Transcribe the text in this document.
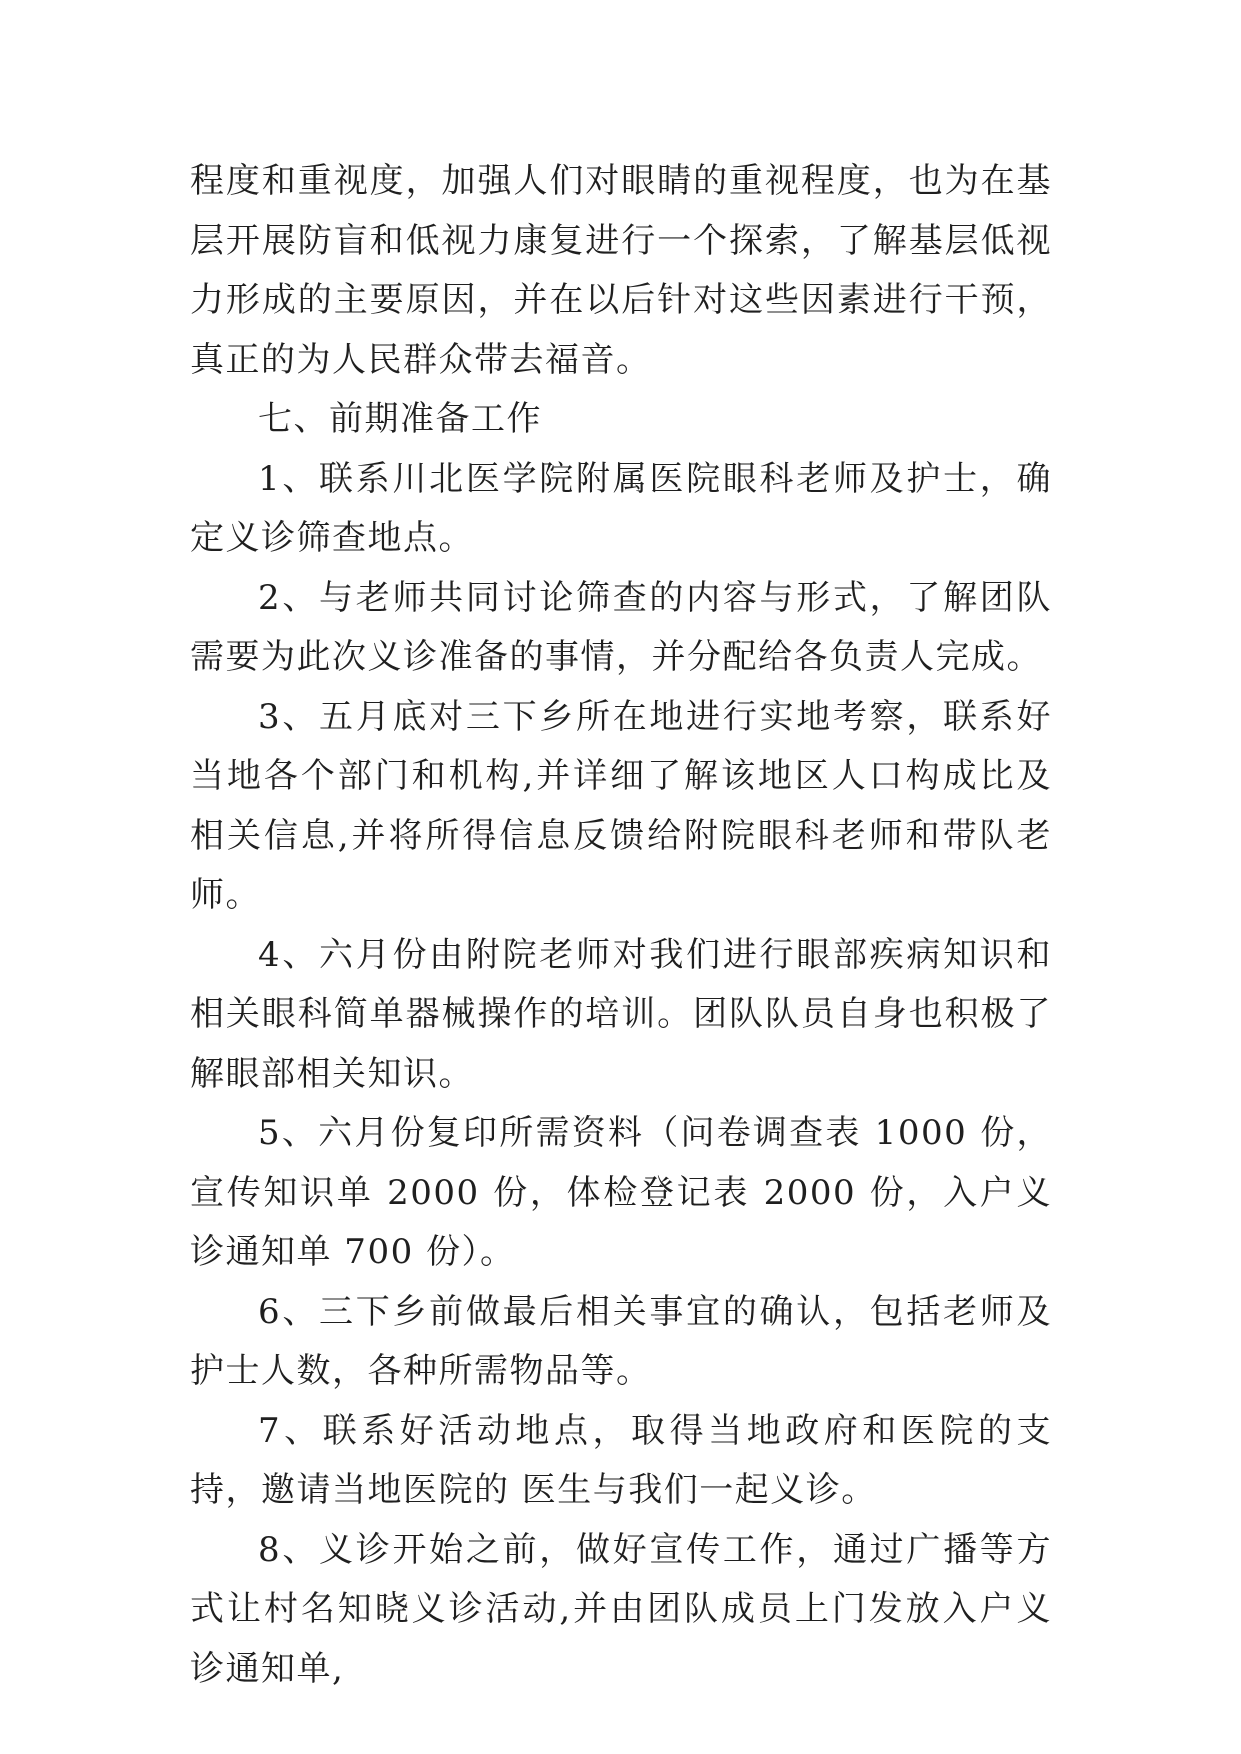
程度和重视度，加强人们对眼睛的重视程度，也为在基层开展防盲和低视力康复进行一个探索，了解基层低视力形成的主要原因，并在以后针对这些因素进行干预，真正的为人民群众带去福音。

七、前期准备工作

1、联系川北医学院附属医院眼科老师及护士，确定义诊筛查地点。

2、与老师共同讨论筛查的内容与形式，了解团队需要为此次义诊准备的事情，并分配给各负责人完成。

3、五月底对三下乡所在地进行实地考察，联系好当地各个部门和机构,并详细了解该地区人口构成比及相关信息,并将所得信息反馈给附院眼科老师和带队老师。

4、六月份由附院老师对我们进行眼部疾病知识和相关眼科简单器械操作的培训。团队队员自身也积极了解眼部相关知识。

5、六月份复印所需资料（问卷调查表 1000 份，宣传知识单 2000 份，体检登记表 2000 份，入户义诊通知单 700 份）。

6、三下乡前做最后相关事宜的确认，包括老师及护士人数，各种所需物品等。

7、联系好活动地点，取得当地政府和医院的支持，邀请当地医院的 医生与我们一起义诊。

8、义诊开始之前，做好宣传工作，通过广播等方式让村名知晓义诊活动,并由团队成员上门发放入户义诊通知单,
